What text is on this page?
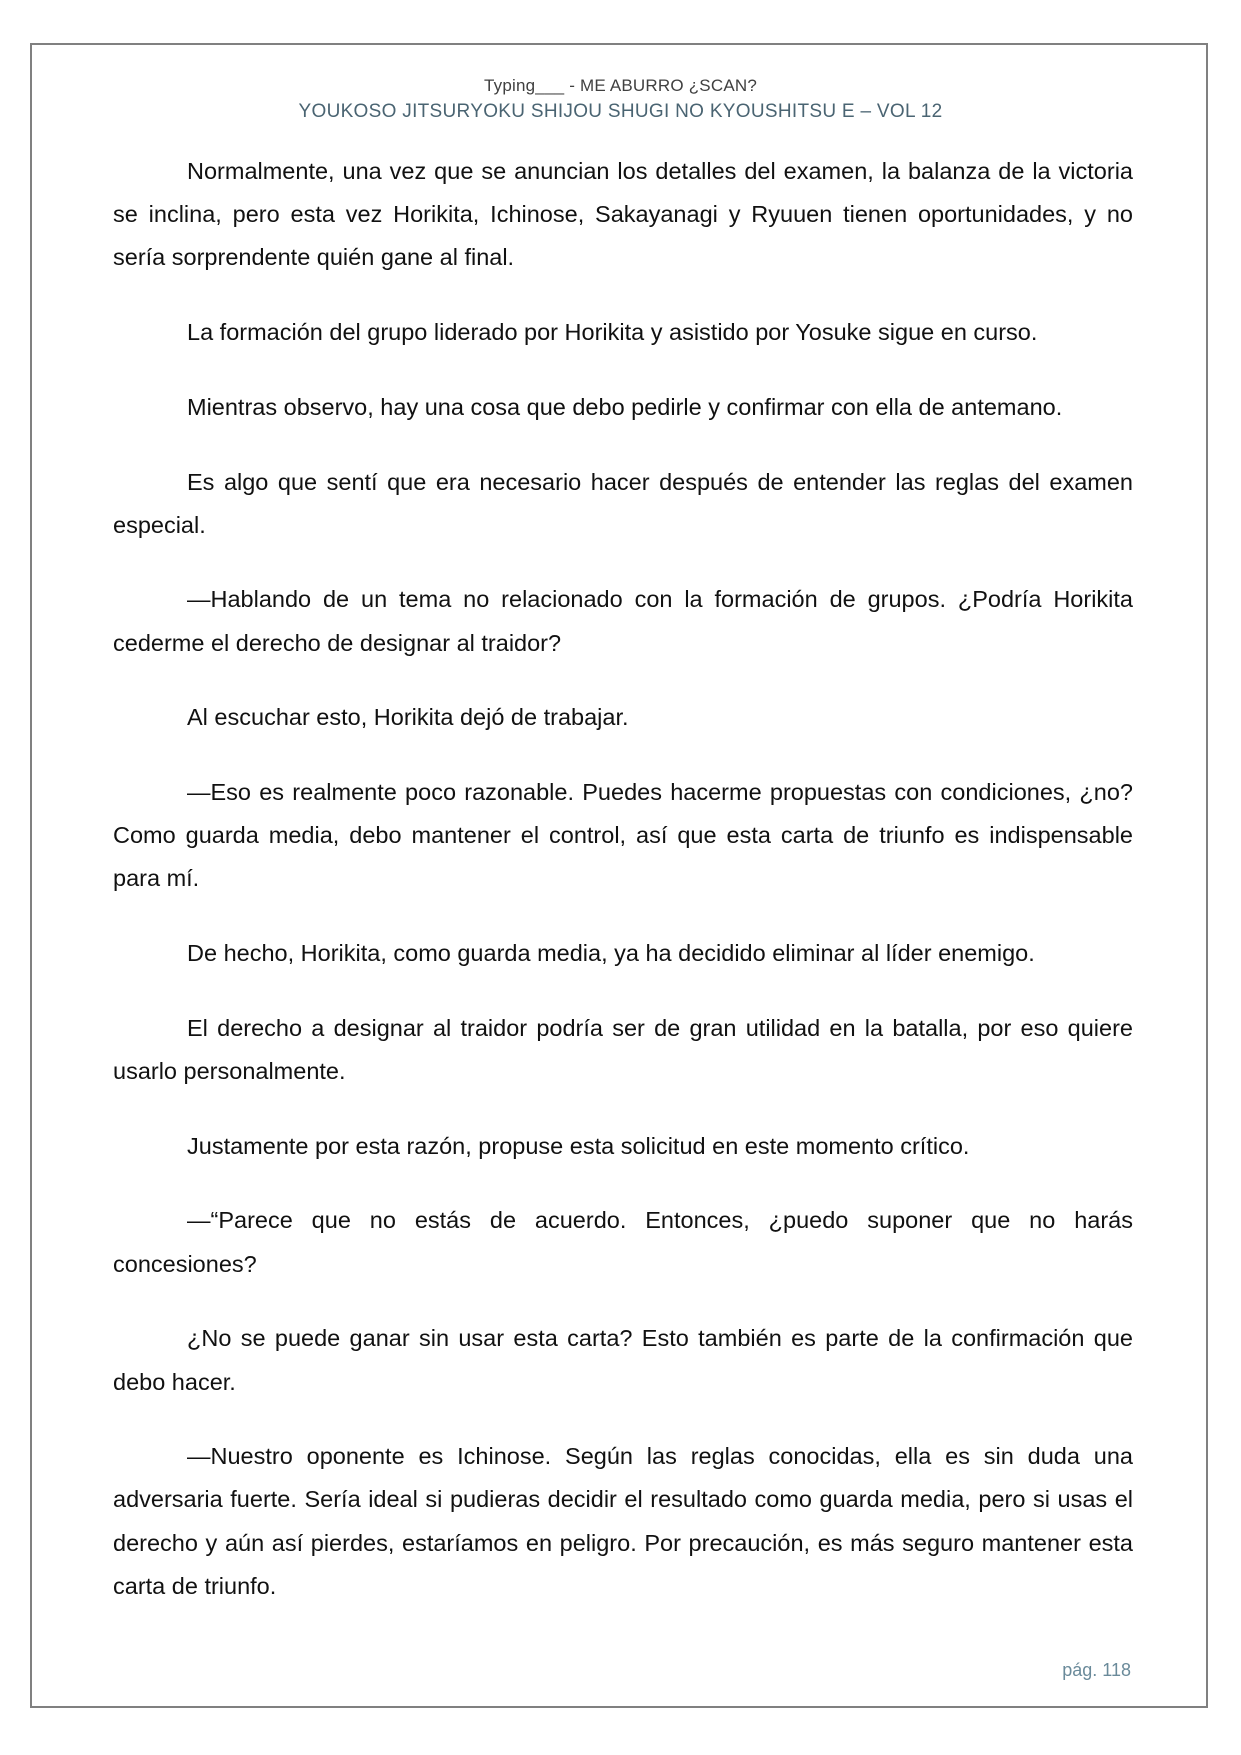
Typing___ - ME ABURRO ¿SCAN?
YOUKOSO JITSURYOKU SHIJOU SHUGI NO KYOUSHITSU E – VOL 12

Normalmente, una vez que se anuncian los detalles del examen, la balanza de la victoria se inclina, pero esta vez Horikita, Ichinose, Sakayanagi y Ryuuen tienen oportunidades, y no sería sorprendente quién gane al final.

La formación del grupo liderado por Horikita y asistido por Yosuke sigue en curso.

Mientras observo, hay una cosa que debo pedirle y confirmar con ella de antemano.

Es algo que sentí que era necesario hacer después de entender las reglas del examen especial.

—Hablando de un tema no relacionado con la formación de grupos. ¿Podría Horikita cederme el derecho de designar al traidor?

Al escuchar esto, Horikita dejó de trabajar.

—Eso es realmente poco razonable. Puedes hacerme propuestas con condiciones, ¿no? Como guarda media, debo mantener el control, así que esta carta de triunfo es indispensable para mí.

De hecho, Horikita, como guarda media, ya ha decidido eliminar al líder enemigo.

El derecho a designar al traidor podría ser de gran utilidad en la batalla, por eso quiere usarlo personalmente.

Justamente por esta razón, propuse esta solicitud en este momento crítico.

—“Parece que no estás de acuerdo. Entonces, ¿puedo suponer que no harás concesiones?

¿No se puede ganar sin usar esta carta? Esto también es parte de la confirmación que debo hacer.

—Nuestro oponente es Ichinose. Según las reglas conocidas, ella es sin duda una adversaria fuerte. Sería ideal si pudieras decidir el resultado como guarda media, pero si usas el derecho y aún así pierdes, estaríamos en peligro. Por precaución, es más seguro mantener esta carta de triunfo.

pág. 118
